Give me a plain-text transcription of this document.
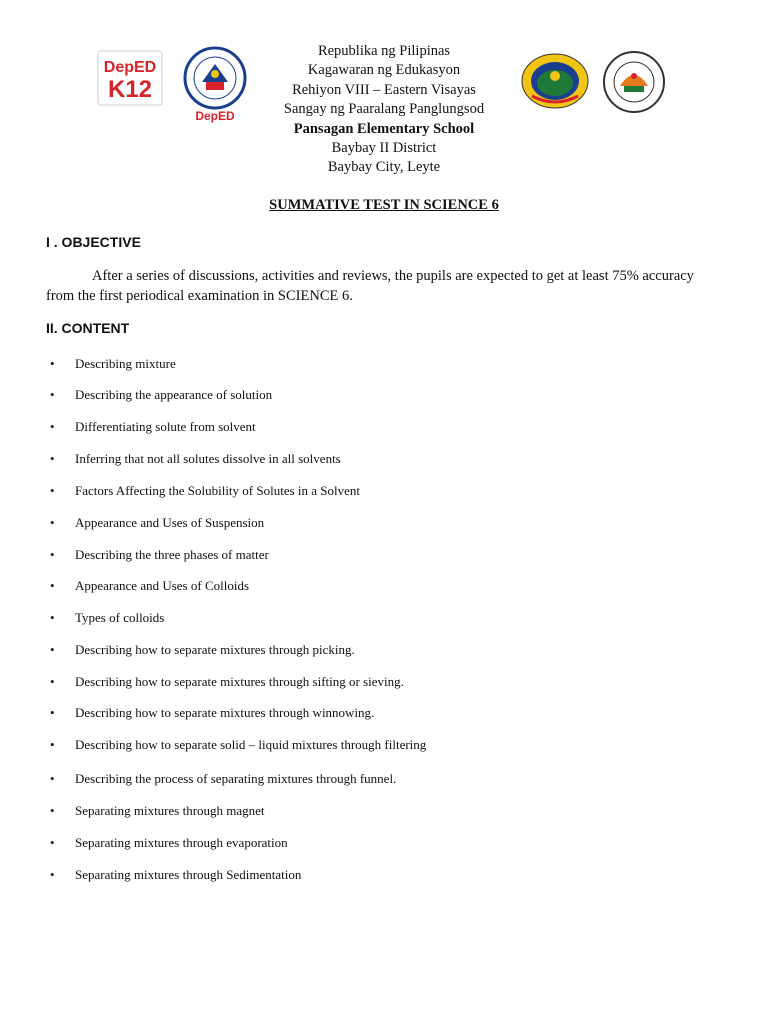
DepED
K12
DepED
Republika ng Pilipinas
Kagawaran ng Edukasyon
Rehiyon VIII – Eastern Visayas
Sangay ng Paaralang Panglungsod
Pansagan Elementary School
Baybay II District
Baybay City, Leyte
SUMMATIVE TEST IN SCIENCE 6
I . OBJECTIVE
After a series of discussions, activities and reviews, the pupils are expected to get at least 75% accuracy from the first periodical examination in SCIENCE 6.
II. CONTENT
• Describing mixture
• Describing the appearance of solution
• Differentiating solute from solvent
• Inferring that not all solutes dissolve in all solvents
• Factors Affecting the Solubility of Solutes in a Solvent
• Appearance and Uses of Suspension
• Describing the three phases of matter
• Appearance and Uses of Colloids
• Types of colloids
• Describing how to separate mixtures through picking.
• Describing how to separate mixtures through sifting or sieving.
• Describing how to separate mixtures through winnowing.
• Describing how to separate solid – liquid mixtures through filtering
• Describing the process of separating mixtures through funnel.
• Separating mixtures through magnet
• Separating mixtures through evaporation
• Separating mixtures through Sedimentation
